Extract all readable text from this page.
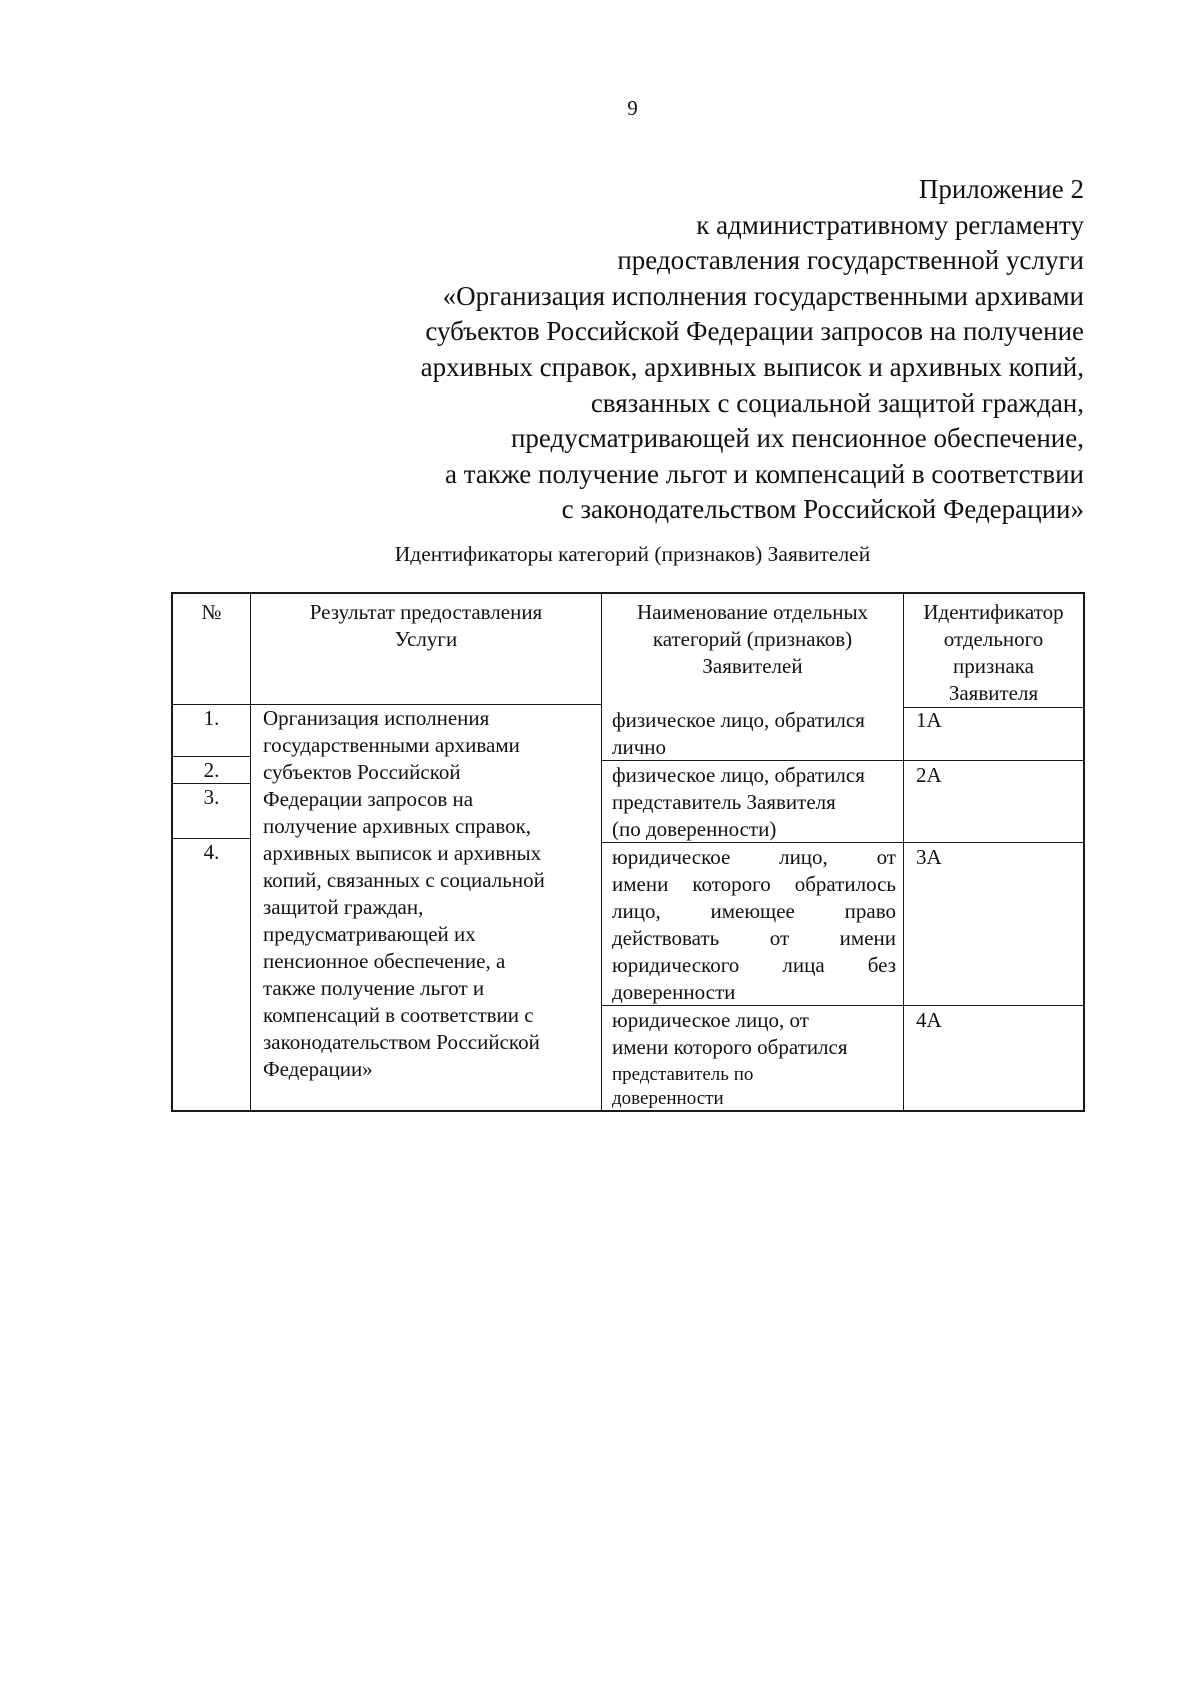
9
Приложение 2
к административному регламенту
предоставления государственной услуги
«Организация исполнения государственными архивами
субъектов Российской Федерации запросов на получение
архивных справок, архивных выписок и архивных копий,
связанных с социальной защитой граждан,
предусматривающей их пенсионное обеспечение,
а также получение льгот и компенсаций в соответствии
с законодательством Российской Федерации»
Идентификаторы категорий (признаков) Заявителей
№	Результат предоставления
Услуги
Наименование отдельных
категорий (признаков)
Заявителей
Идентификатор
отдельного
признака
Заявителя
1.
2.
3.
4.
Организация исполнения
государственными архивами
субъектов Российской
Федерации запросов на
получение архивных справок,
архивных выписок и архивных
копий, связанных с социальной
защитой граждан,
предусматривающей их
пенсионное обеспечение, а
также получение льгот и
компенсаций в соответствии с
законодательством Российской
Федерации»
физическое лицо, обратился
лично
физическое лицо, обратился
представитель Заявителя
(по доверенности)
юридическое лицо, от
имени которого обратилось
лицо, имеющее право
действовать от имени
юридического лица без
доверенности
юридическое лицо, от
имени которого обратился
представитель по
доверенности
1А
2А
3А
4А
